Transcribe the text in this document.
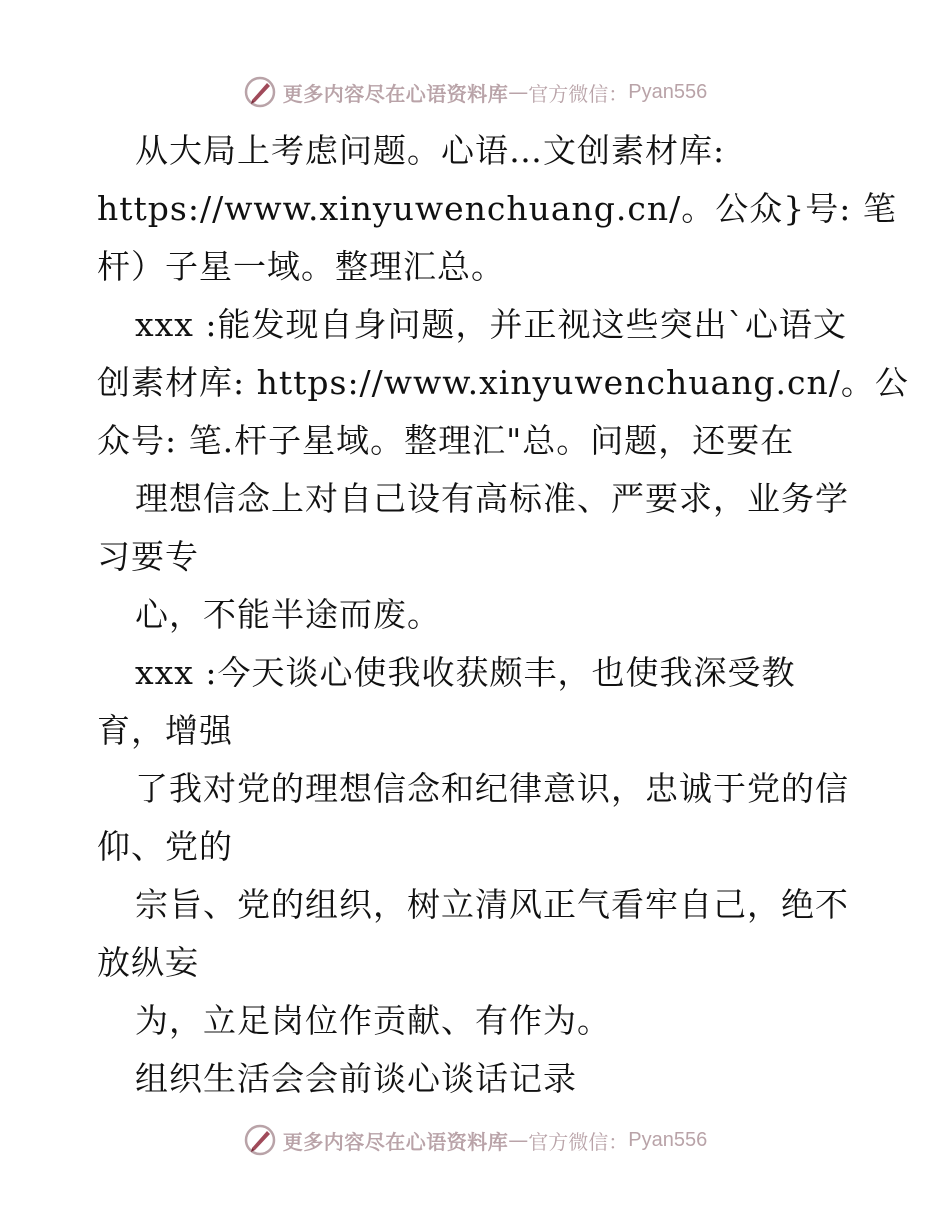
更多内容尽在心语资料库 — 官方微信： Pyan556
从大局上考虑问题。心语…文创素材库:
https://www.xinyuwenchuang.cn/。公众}号: 笔
杆）子星一域。整理汇总。
xxx :能发现自身问题，并正视这些突出`心语文
创素材库: https://www.xinyuwenchuang.cn/。公
众号: 笔.杆子星域。整理汇"总。问题，还要在
理想信念上对自己设有高标准、严要求，业务学
习要专
心，不能半途而废。
xxx :今天谈心使我收获颇丰，也使我深受教
育，增强
了我对党的理想信念和纪律意识，忠诚于党的信
仰、党的
宗旨、党的组织，树立清风正气看牢自己，绝不
放纵妄
为，立足岗位作贡献、有作为。
组织生活会会前谈心谈话记录
更多内容尽在心语资料库 — 官方微信： Pyan556
